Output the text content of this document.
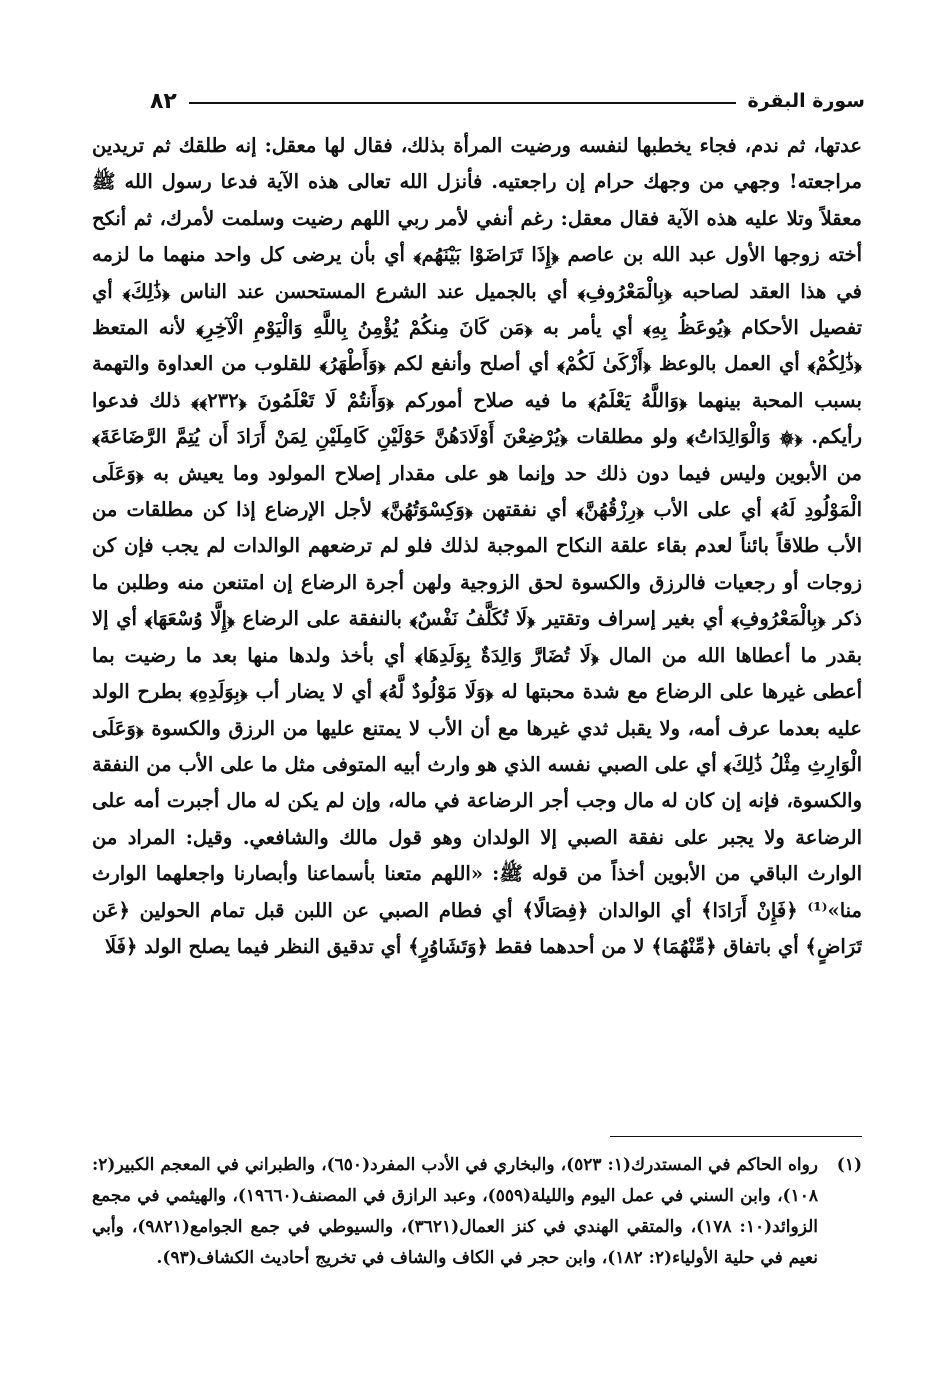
سورة البقرة
٨٢

عدتها، ثم ندم، فجاء يخطبها لنفسه ورضيت المرأة بذلك، فقال لها معقل: إنه طلقك ثم تريدين مراجعته! وجهي من وجهك حرام إن راجعتيه. فأنزل الله تعالى هذه الآية فدعا رسول الله ﷺ معقلاً وتلا عليه هذه الآية فقال معقل: رغم أنفي لأمر ربي اللهم رضيت وسلمت لأمرك، ثم أنكح أخته زوجها الأول عبد الله بن عاصم ﴿إِذَا تَرَاضَوْا بَيْنَهُم﴾ أي بأن يرضى كل واحد منهما ما لزمه في هذا العقد لصاحبه ﴿بِالْمَعْرُوفِ﴾ أي بالجميل عند الشرع المستحسن عند الناس ﴿ذَٰلِكَ﴾ أي تفصيل الأحكام ﴿يُوعَظُ بِهِ﴾ أي يأمر به ﴿مَن كَانَ مِنكُمْ يُؤْمِنُ بِاللَّهِ وَالْيَوْمِ الْآخِرِ﴾ لأنه المتعظ ﴿ذَٰلِكُمْ﴾ أي العمل بالوعظ ﴿أَزْكَىٰ لَكُمْ﴾ أي أصلح وأنفع لكم ﴿وَأَطْهَرُ﴾ للقلوب من العداوة والتهمة بسبب المحبة بينهما ﴿وَاللَّهُ يَعْلَمُ﴾ ما فيه صلاح أموركم ﴿وَأَنتُمْ لَا تَعْلَمُونَ ﴿٢٣٢﴾﴾ ذلك فدعوا رأيكم. ﴿۞ وَالْوَالِدَاتُ﴾ ولو مطلقات ﴿يُرْضِعْنَ أَوْلَادَهُنَّ حَوْلَيْنِ كَامِلَيْنِ لِمَنْ أَرَادَ أَن يُتِمَّ الرَّضَاعَةَ﴾ من الأبوين وليس فيما دون ذلك حد وإنما هو على مقدار إصلاح المولود وما يعيش به ﴿وَعَلَى الْمَوْلُودِ لَهُ﴾ أي على الأب ﴿رِزْقُهُنَّ﴾ أي نفقتهن ﴿وَكِسْوَتُهُنَّ﴾ لأجل الإرضاع إذا كن مطلقات من الأب طلاقاً بائناً لعدم بقاء علقة النكاح الموجبة لذلك فلو لم ترضعهم الوالدات لم يجب فإن كن زوجات أو رجعيات فالرزق والكسوة لحق الزوجية ولهن أجرة الرضاع إن امتنعن منه وطلبن ما ذكر ﴿بِالْمَعْرُوفِ﴾ أي بغير إسراف وتقتير ﴿لَا تُكَلَّفُ نَفْسٌ﴾ بالنفقة على الرضاع ﴿إِلَّا وُسْعَهَا﴾ أي إلا بقدر ما أعطاها الله من المال ﴿لَا تُضَارَّ وَالِدَةٌ بِوَلَدِهَا﴾ أي بأخذ ولدها منها بعد ما رضيت بما أعطى غيرها على الرضاع مع شدة محبتها له ﴿وَلَا مَوْلُودٌ لَّهُ﴾ أي لا يضار أب ﴿بِوَلَدِهِ﴾ بطرح الولد عليه بعدما عرف أمه، ولا يقبل ثدي غيرها مع أن الأب لا يمتنع عليها من الرزق والكسوة ﴿وَعَلَى الْوَارِثِ مِثْلُ ذَٰلِكَ﴾ أي على الصبي نفسه الذي هو وارث أبيه المتوفى مثل ما على الأب من النفقة والكسوة، فإنه إن كان له مال وجب أجر الرضاعة في ماله، وإن لم يكن له مال أجبرت أمه على الرضاعة ولا يجبر على نفقة الصبي إلا الولدان وهو قول مالك والشافعي. وقيل: المراد من الوارث الباقي من الأبوين أخذاً من قوله ﷺ: «اللهم متعنا بأسماعنا وأبصارنا واجعلهما الوارث منا»⁽¹⁾ ﴿فَإِنْ أَرَادَا﴾ أي الوالدان ﴿فِصَالًا﴾ أي فطام الصبي عن اللبن قبل تمام الحولين ﴿عَن تَرَاضٍ﴾ أي باتفاق ﴿مِّنْهُمَا﴾ لا من أحدهما فقط ﴿وَتَشَاوُرٍ﴾ أي تدقيق النظر فيما يصلح الولد ﴿فَلَا

(١)
رواه الحاكم في المستدرك(١: ٥٢٣)، والبخاري في الأدب المفرد(٦٥٠)، والطبراني في المعجم الكبير(٢: ١٠٨)، وابن السني في عمل اليوم والليلة(٥٥٩)، وعبد الرازق في المصنف(١٩٦٦٠)، والهيثمي في مجمع الزوائد(١٠: ١٧٨)، والمتقي الهندي في كنز العمال(٣٦٢١)، والسيوطي في جمع الجوامع(٩٨٢١)، وأبي نعيم في حلية الأولياء(٢: ١٨٢)، وابن حجر في الكاف والشاف في تخريج أحاديث الكشاف(٩٣).
